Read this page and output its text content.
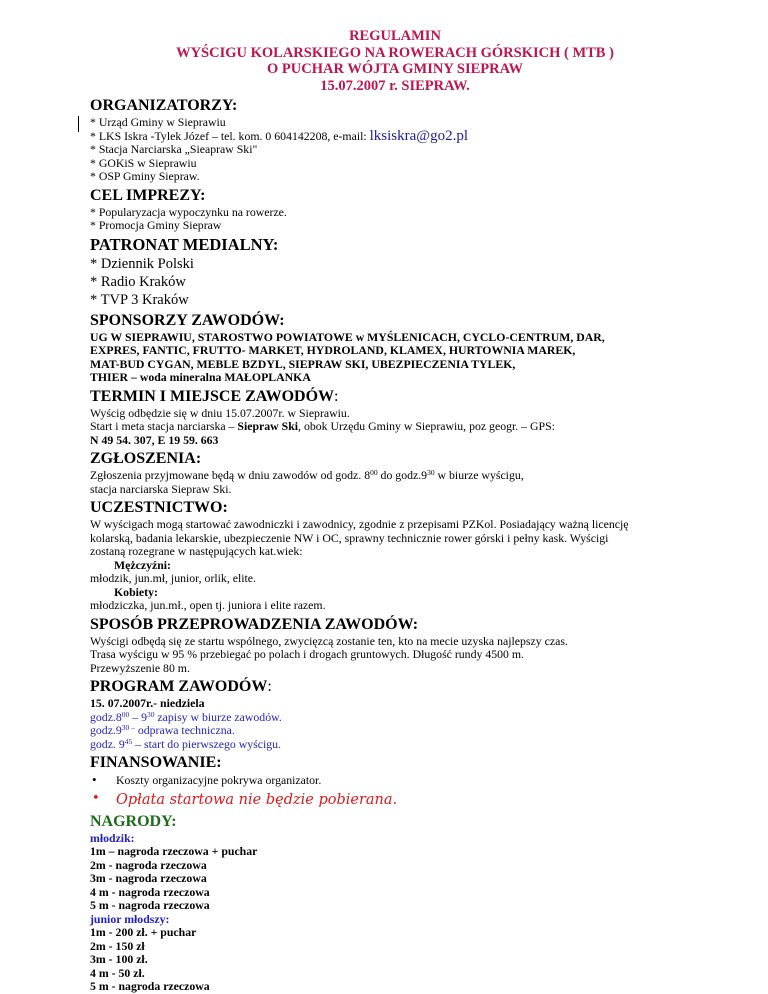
REGULAMIN
WYŚCIGU KOLARSKIEGO NA ROWERACH GÓRSKICH ( MTB )
O PUCHAR WÓJTA GMINY SIEPRAW
15.07.2007 r. SIEPRAW.
ORGANIZATORZY:
* Urząd Gminy w Sieprawiu
* LKS Iskra -Tylek Józef – tel. kom. 0 604142208, e-mail: lksiskra@go2.pl
* Stacja Narciarska „Sieapraw Ski"
* GOKiS w Sieprawiu
* OSP Gminy Siepraw.
CEL IMPREZY:
* Popularyzacja wypoczynku na rowerze.
* Promocja Gminy Siepraw
PATRONAT MEDIALNY:
* Dziennik Polski
* Radio Kraków
* TVP 3 Kraków
SPONSORZY ZAWODÓW:
UG W SIEPRAWIU, STAROSTWO POWIATOWE w MYŚLENICACH, CYCLO-CENTRUM, DAR,
EXPRES, FANTIC, FRUTTO- MARKET, HYDROLAND, KLAMEX, HURTOWNIA MAREK,
MAT-BUD CYGAN, MEBLE BZDYL, SIEPRAW SKI, UBEZPIECZENIA TYLEK,
THIER – woda mineralna MAŁOPLANKA
TERMIN I MIEJSCE ZAWODÓW:
Wyścig odbędzie się w dniu 15.07.2007r. w Sieprawiu.
Start i meta stacja narciarska – Siepraw Ski, obok Urzędu Gminy w Sieprawiu, poz geogr. – GPS:
N 49 54. 307, E 19 59. 663
ZGŁOSZENIA:
Zgłoszenia przyjmowane będą w dniu zawodów od godz. $8^{00}$ do $godz.9^{30}$ w biurze wyścigu,
stacja narciarska Siepraw Ski.
UCZESTNICTWO:
W wyścigach mogą startować zawodniczki i zawodnicy, zgodnie z przepisami PZKol. Posiadający ważną licencję
kolarską, badania lekarskie, ubezpieczenie NW i OC, sprawny technicznie rower górski i pełny kask. Wyścigi
zostaną rozegrane w następujących kat.wiek:
Mężczyźni:
młodzik, jun.mł, junior, orlik, elite.
Kobiety:
młodziczka, jun.mł., open tj. juniora i elite razem.
SPOSÓB PRZEPROWADZENIA ZAWODÓW:
Wyścigi odbędą się ze startu wspólnego, zwycięzcą zostanie ten, kto na mecie uzyska najlepszy czas.
Trasa wyścigu w 95 % przebiegać po polach i drogach gruntowych. Długość rundy 4500 m.
Przewyższenie 80 m.
PROGRAM ZAWODÓW:
15. 07.2007r.- niedziela
$godz.8^{00} - 9^{30}$ zapisy w biurze zawodów.
$godz.9^{30 -}$ odprawa techniczna.
godz. $9^{45}$ – start do pierwszego wyścigu.
FINANSOWANIE:
• Koszty organizacyjne pokrywa organizator.
• Opłata startowa nie będzie pobierana.
NAGRODY:
młodzik:
1m – nagroda rzeczowa + puchar
2m - nagroda rzeczowa
3m - nagroda rzeczowa
4 m - nagroda rzeczowa
5 m - nagroda rzeczowa
junior młodszy:
1m - 200 zł. + puchar
2m - 150 zł
3m - 100 zł.
4 m - 50 zł.
5 m - nagroda rzeczowa
